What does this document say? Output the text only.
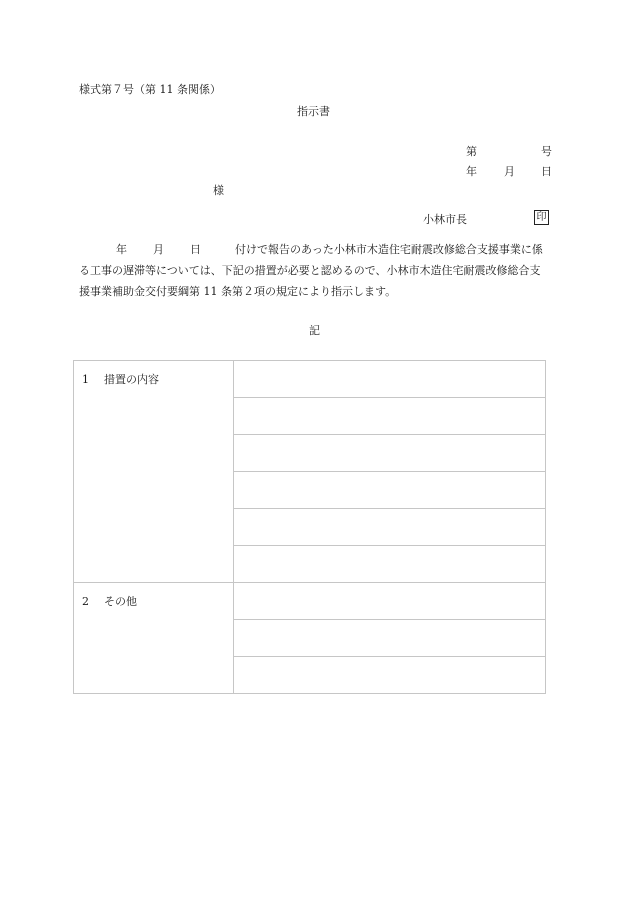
様式第７号（第 11 条関係）
指示書
第	号
年 月 日
様
小林市長	印

年 月 日	付けで報告のあった小林市木造住宅耐震改修総合支援事業に係る工事の遅滞等については、下記の措置が必要と認めるので、小林市木造住宅耐震改修総合支援事業補助金交付要綱第 11 条第２項の規定により指示します。

記
1 措置の内容	

2 その他	
